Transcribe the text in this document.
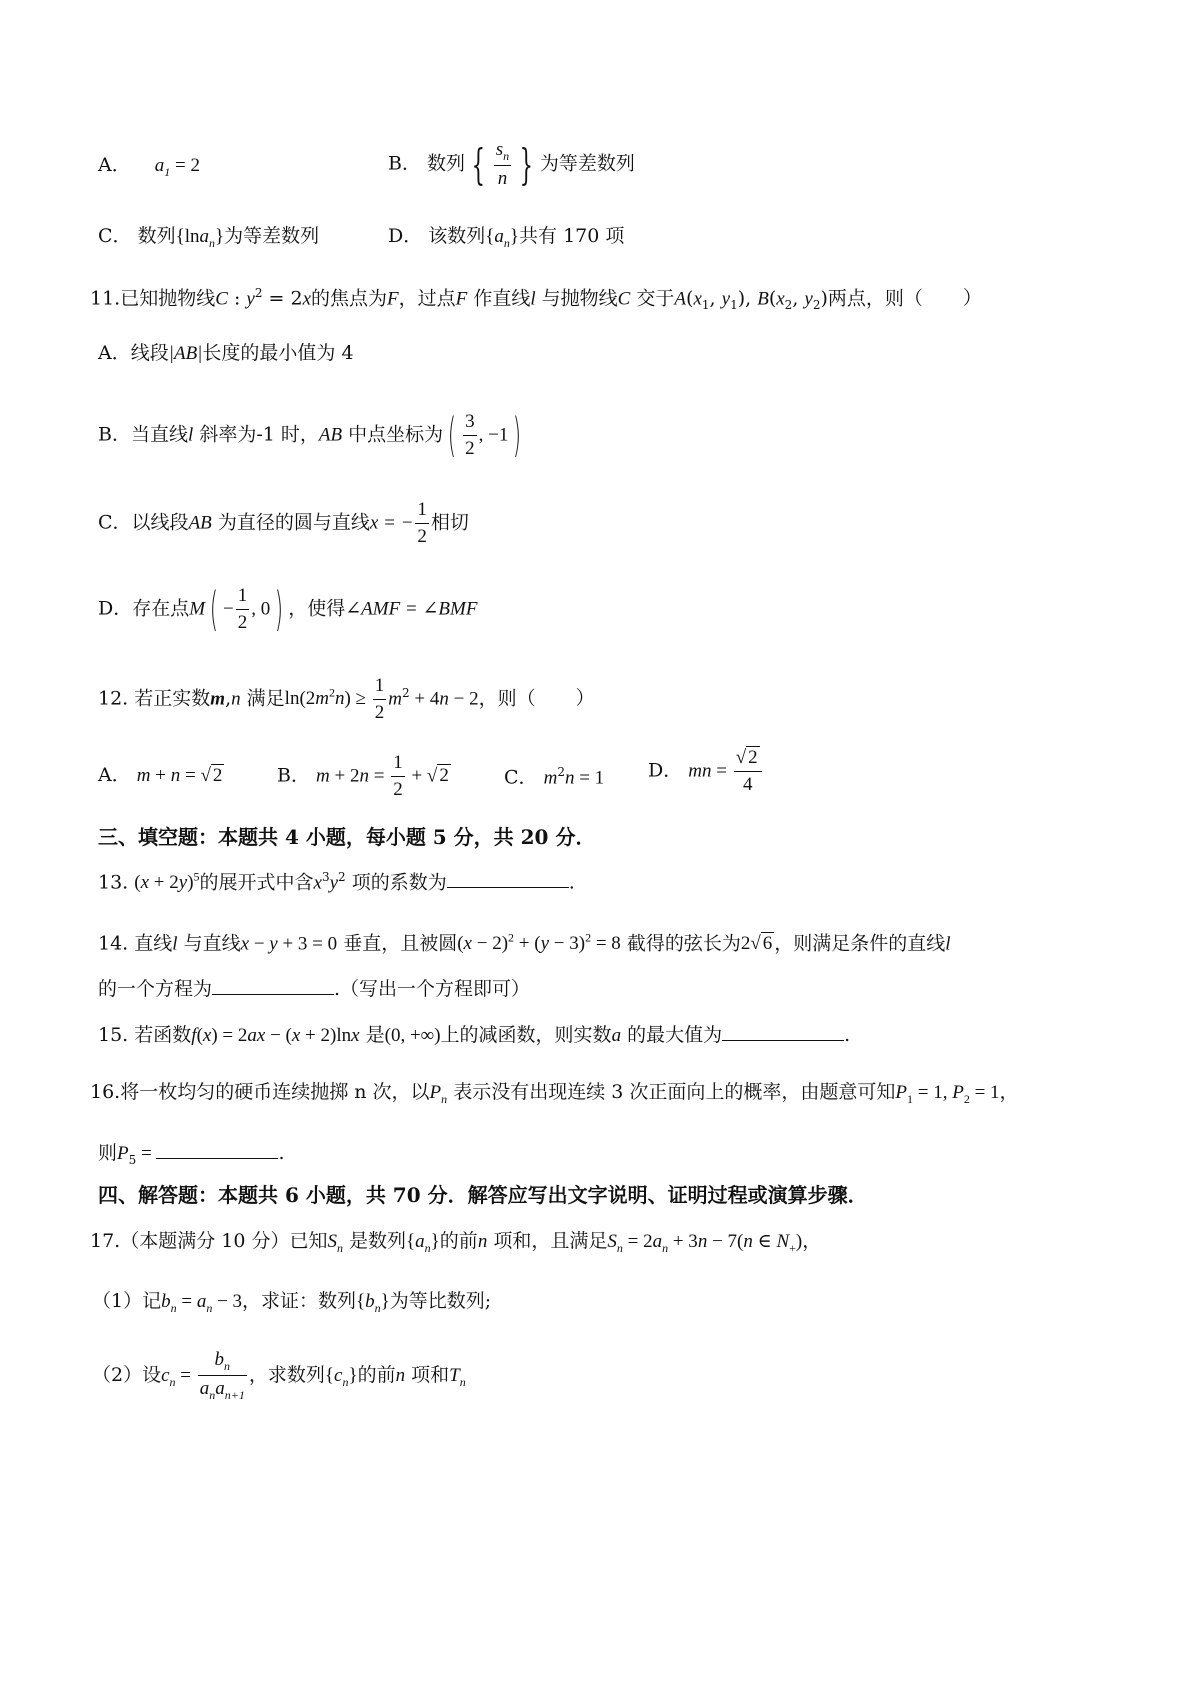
A． $a_1 = 2$	B． 数列 { $\frac{s_n}{n}$ } 为等差数列
C． 数列{lna$_n$}为等差数列	D． 该数列$\{a_n\}$共有 170 项
11.已知抛物线C : $y^2 = 2x$的焦点为F，过点F 作直线l 与抛物线C 交于$A(x_1$, $y_1$), $B(x_2$, $y_2$)两点，则（ ）
A．线段|AB|长度的最小值为 4
B．当直线l 斜率为-1 时，AB 中点坐标为 ( $\frac{3}{2}$ , −1 )
C．以线段AB 为直径的圆与直线x = − $\frac{1}{2}$ 相切
D．存在点M ( − $\frac{1}{2}$ , 0 ) ，使得∠AMF = ∠BMF
12. 若正实数m,n 满足$\ln(2m^2n) \ge \frac{1}{2} m^2 + 4n - 2$，则（ ）
A． m + n = √ 2	B． $m + 2n = \frac{1}{2}$ + √ 2	C． $m^2n = 1$ D． mn = $\frac{√ 2}{4}$
三、填空题：本题共 4 小题，每小题 5 分，共 20 分．
13. $(x + 2y)^5$的展开式中含$x^3y^2$ 项的系数为	.
14. 直线l 与直线x − y + 3 = 0 垂直，且被圆$(x - 2)^2 + (y - 3)^2 = 8$ 截得的弦长为2√ 6 ，则满足条件的直线l
的一个方程为	.（写出一个方程即可）
15. 若函数f(x) = 2ax − (x + 2)lnx 是(0, +∞)上的减函数，则实数a 的最大值为	.
16.将一枚均匀的硬币连续抛掷 n 次，以$P_n$ 表示没有出现连续 3 次正面向上的概率，由题意可知$P_1 = 1$, $P_2 = 1$，
则$P_5$ =	.
四、解答题：本题共 6 小题，共 70 分．解答应写出文字说明、证明过程或演算步骤．
17.（本题满分 10 分）已知$S_n$ 是数列$\{a_n\}$的前n 项和，且满足$S_n = 2a_n + 3n - 7(n$ ∈ $N_+$)，
（1）记$b_n = a_n - 3$，求证：数列$\{b_n\}$为等比数列;
（2）设$c_n = \frac{b_n}{a_na_{n+1}}$ ，求数列$\{c_n\}$的前n 项和$T_n$
